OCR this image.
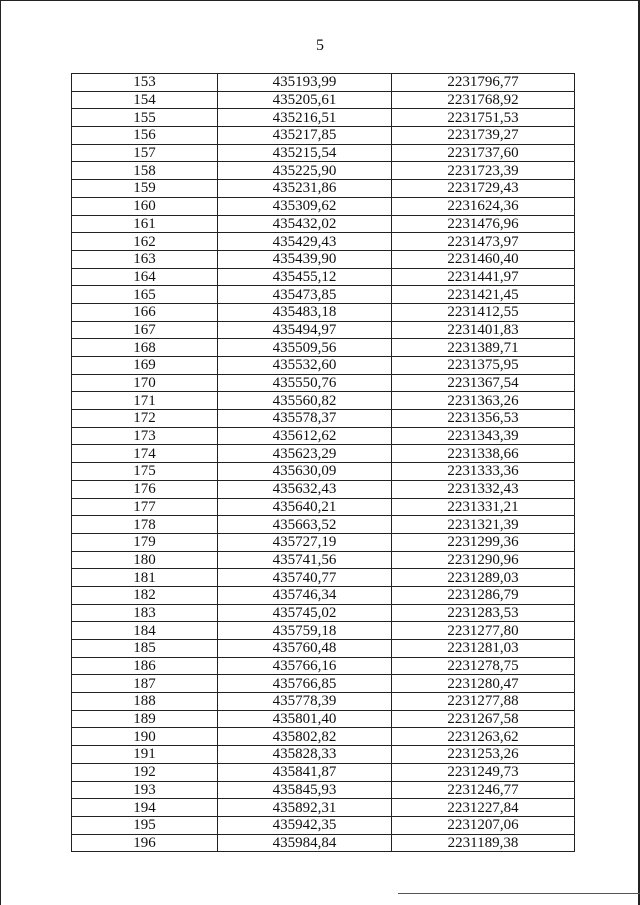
5
153	435193,99	2231796,77
154	435205,61	2231768,92
155	435216,51	2231751,53
156	435217,85	2231739,27
157	435215,54	2231737,60
158	435225,90	2231723,39
159	435231,86	2231729,43
160	435309,62	2231624,36
161	435432,02	2231476,96
162	435429,43	2231473,97
163	435439,90	2231460,40
164	435455,12	2231441,97
165	435473,85	2231421,45
166	435483,18	2231412,55
167	435494,97	2231401,83
168	435509,56	2231389,71
169	435532,60	2231375,95
170	435550,76	2231367,54
171	435560,82	2231363,26
172	435578,37	2231356,53
173	435612,62	2231343,39
174	435623,29	2231338,66
175	435630,09	2231333,36
176	435632,43	2231332,43
177	435640,21	2231331,21
178	435663,52	2231321,39
179	435727,19	2231299,36
180	435741,56	2231290,96
181	435740,77	2231289,03
182	435746,34	2231286,79
183	435745,02	2231283,53
184	435759,18	2231277,80
185	435760,48	2231281,03
186	435766,16	2231278,75
187	435766,85	2231280,47
188	435778,39	2231277,88
189	435801,40	2231267,58
190	435802,82	2231263,62
191	435828,33	2231253,26
192	435841,87	2231249,73
193	435845,93	2231246,77
194	435892,31	2231227,84
195	435942,35	2231207,06
196	435984,84	2231189,38
